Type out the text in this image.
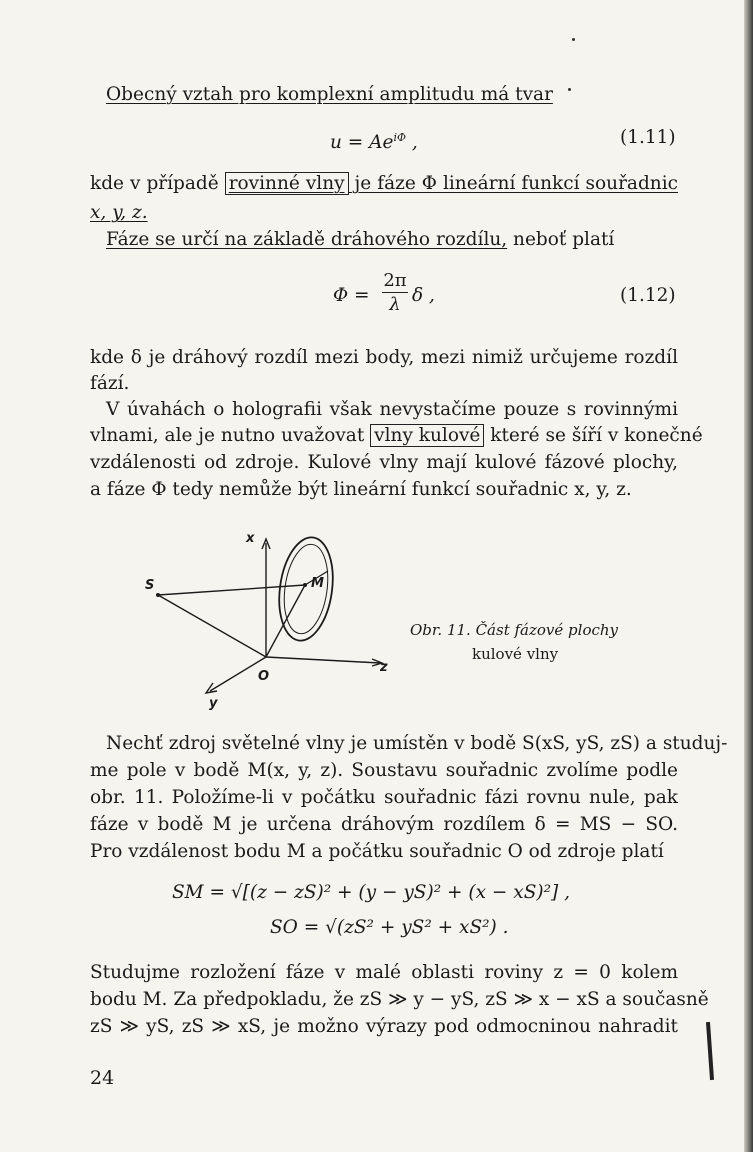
Obecný vztah pro komplexní amplitudu má tvar
$u = Ae^{i\Phi}$ ,	(1.11)
kde v případě rovinné vlny je fáze Φ lineární funkcí souřadnic
x, y, z.
Fáze se určí na základě dráhového rozdílu, neboť platí
Φ =
2π
λ δ ,	(1.12)
kde δ je dráhový rozdíl mezi body, mezi nimiž určujeme rozdíl
fází.
V úvahách o holografii však nevystačíme pouze s rovinnými
vlnami, ale je nutno uvažovat vlny kulové které se šíří v konečné
vzdálenosti od zdroje. Kulové vlny mají kulové fázové plochy,
a fáze Φ tedy nemůže být lineární funkcí souřadnic x, y, z.
x
S	M
O
z
y
Obr. 11. Část fázové plochy
kulové vlny
Nechť zdroj světelné vlny je umístěn v bodě S(xS, yS, zS) a studuj-
me pole v bodě M(x, y, z). Soustavu souřadnic zvolíme podle
obr. 11. Položíme-li v počátku souřadnic fázi rovnu nule, pak
fáze v bodě M je určena dráhovým rozdílem δ = MS − SO.
Pro vzdálenost bodu M a počátku souřadnic O od zdroje platí
SM = √[(z − zS)² + (y − yS)² + (x − xS)²] ,
SO = √(zS² + yS² + xS²) .
Studujme rozložení fáze v malé oblasti roviny z = 0 kolem
bodu M. Za předpokladu, že zS ≫ y − yS, zS ≫ x − xS a současně
zS ≫ yS, zS ≫ xS, je možno výrazy pod odmocninou nahradit
24
